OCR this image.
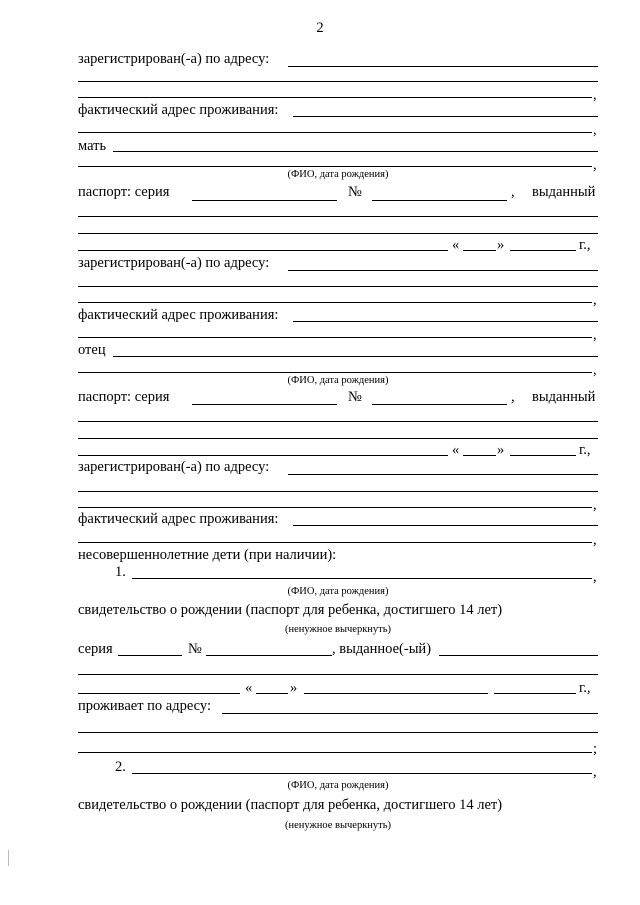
2
зарегистрирован(-а) по адресу:
,
фактический адрес проживания:
,
мать
,
(ФИО, дата рождения)
паспорт: серия	№	, выданный
«	»	г.,
зарегистрирован(-а) по адресу:
,
фактический адрес проживания:
,
отец
,
(ФИО, дата рождения)
паспорт: серия	№	, выданный
«	»	г.,
зарегистрирован(-а) по адресу:
,
фактический адрес проживания:
,
несовершеннолетние дети (при наличии):
1.	,
(ФИО, дата рождения)
свидетельство о рождении (паспорт для ребенка, достигшего 14 лет)
(ненужное вычеркнуть)
серия	№	, выданное(-ый)
«	»	г.,
проживает по адресу:
;
2.	,
(ФИО, дата рождения)
свидетельство о рождении (паспорт для ребенка, достигшего 14 лет)
(ненужное вычеркнуть)
